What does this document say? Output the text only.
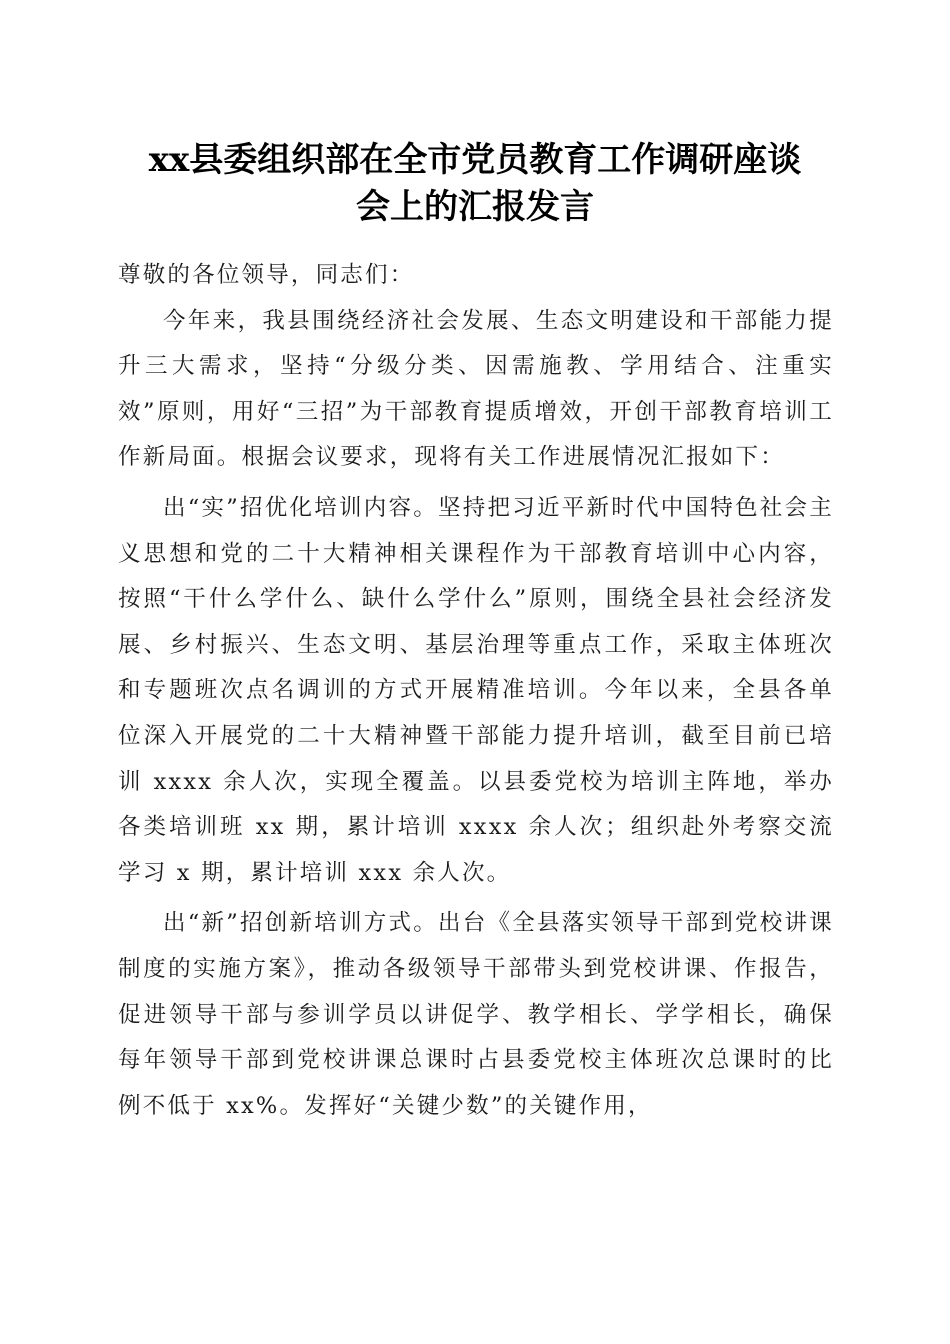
xx县委组织部在全市党员教育工作调研座谈
会上的汇报发言

尊敬的各位领导，同志们：

今年来，我县围绕经济社会发展、生态文明建设和干部能力提升三大需求，坚持“分级分类、因需施教、学用结合、注重实效”原则，用好“三招”为干部教育提质增效，开创干部教育培训工作新局面。根据会议要求，现将有关工作进展情况汇报如下：

出“实”招优化培训内容。坚持把习近平新时代中国特色社会主义思想和党的二十大精神相关课程作为干部教育培训中心内容，按照“干什么学什么、缺什么学什么”原则，围绕全县社会经济发展、乡村振兴、生态文明、基层治理等重点工作，采取主体班次和专题班次点名调训的方式开展精准培训。今年以来，全县各单位深入开展党的二十大精神暨干部能力提升培训，截至目前已培训 xxxx 余人次，实现全覆盖。以县委党校为培训主阵地，举办各类培训班 xx 期，累计培训 xxxx 余人次；组织赴外考察交流学习 x 期，累计培训 xxx 余人次。

出“新”招创新培训方式。出台《全县落实领导干部到党校讲课制度的实施方案》，推动各级领导干部带头到党校讲课、作报告，促进领导干部与参训学员以讲促学、教学相长、学学相长，确保每年领导干部到党校讲课总课时占县委党校主体班次总课时的比例不低于 xx%。发挥好“关键少数”的关键作用，
